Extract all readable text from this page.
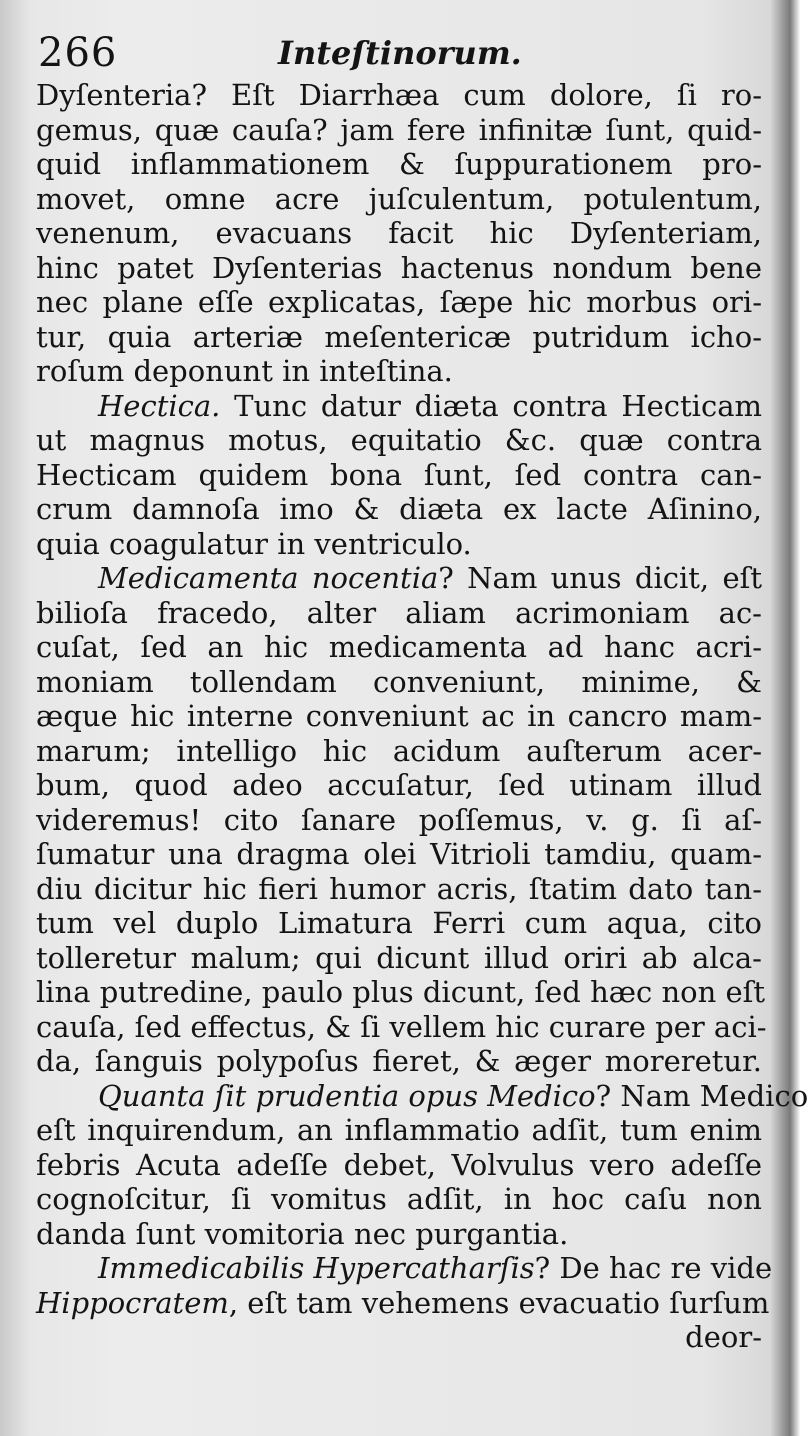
266	Inteſtinorum.
Dyſenteria? Eſt Diarrhæa cum dolore, ſi ro-
gemus, quæ cauſa? jam fere infinitæ ſunt, quid-
quid inflammationem & ſuppurationem pro-
movet, omne acre juſculentum, potulentum,
venenum, evacuans facit hic Dyſenteriam,
hinc patet Dyſenterias hactenus nondum bene
nec plane eſſe explicatas, ſæpe hic morbus ori-
tur, quia arteriæ meſentericæ putridum icho-
roſum deponunt in inteſtina.
Hectica. Tunc datur diæta contra Hecticam
ut magnus motus, equitatio &c. quæ contra
Hecticam quidem bona ſunt, ſed contra can-
crum damnoſa imo & diæta ex lacte Aſinino,
quia coagulatur in ventriculo.
Medicamenta nocentia? Nam unus dicit, eſt
bilioſa fracedo, alter aliam acrimoniam ac-
cuſat, ſed an hic medicamenta ad hanc acri-
moniam tollendam conveniunt, minime, &
æque hic interne conveniunt ac in cancro mam-
marum; intelligo hic acidum auſterum acer-
bum, quod adeo accuſatur, ſed utinam illud
videremus! cito ſanare poſſemus, v. g. ſi aſ-
ſumatur una dragma olei Vitrioli tamdiu, quam-
diu dicitur hic fieri humor acris, ſtatim dato tan-
tum vel duplo Limatura Ferri cum aqua, cito
tolleretur malum; qui dicunt illud oriri ab alca-
lina putredine, paulo plus dicunt, ſed hæc non eſt
cauſa, ſed effectus, & ſi vellem hic curare per aci-
da, ſanguis polypoſus fieret, & æger moreretur.
Quanta ſit prudentia opus Medico? Nam Medico
eſt inquirendum, an inflammatio adſit, tum enim
febris Acuta adeſſe debet, Volvulus vero adeſſe
cognoſcitur, ſi vomitus adſit, in hoc caſu non
danda ſunt vomitoria nec purgantia.
Immedicabilis Hypercatharſis? De hac re vide
Hippocratem, eſt tam vehemens evacuatio ſurſum
deor-
